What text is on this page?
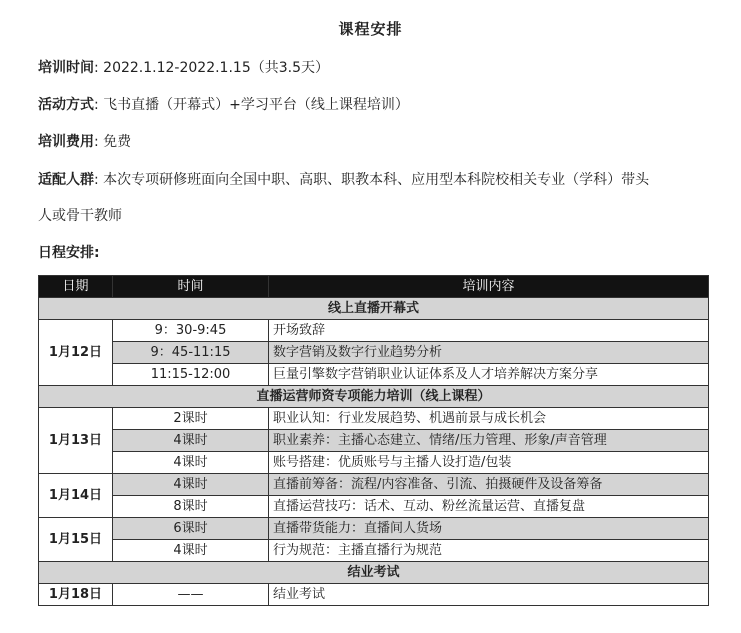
课程安排
培训时间: 2022.1.12-2022.1.15（共3.5天）
活动方式: 飞书直播（开幕式）+学习平台（线上课程培训）
培训费用: 免费
适配人群: 本次专项研修班面向全国中职、高职、职教本科、应用型本科院校相关专业（学科）带头
人或骨干教师
日程安排:
日期	时间	培训内容
线上直播开幕式		
1月12日	9：30-9:45	开场致辞
	9：45-11:15	数字营销及数字行业趋势分析
	11:15-12:00	巨量引擎数字营销职业认证体系及人才培养解决方案分享
直播运营师资专项能力培训（线上课程）		
1月13日	2课时	职业认知：行业发展趋势、机遇前景与成长机会
	4课时	职业素养：主播心态建立、情绪/压力管理、形象/声音管理
	4课时	账号搭建：优质账号与主播人设打造/包装
1月14日	4课时	直播前筹备：流程/内容准备、引流、拍摄硬件及设备筹备
	8课时	直播运营技巧：话术、互动、粉丝流量运营、直播复盘
1月15日	6课时	直播带货能力：直播间人货场
	4课时	行为规范：主播直播行为规范
结业考试		
1月18日	——	结业考试
